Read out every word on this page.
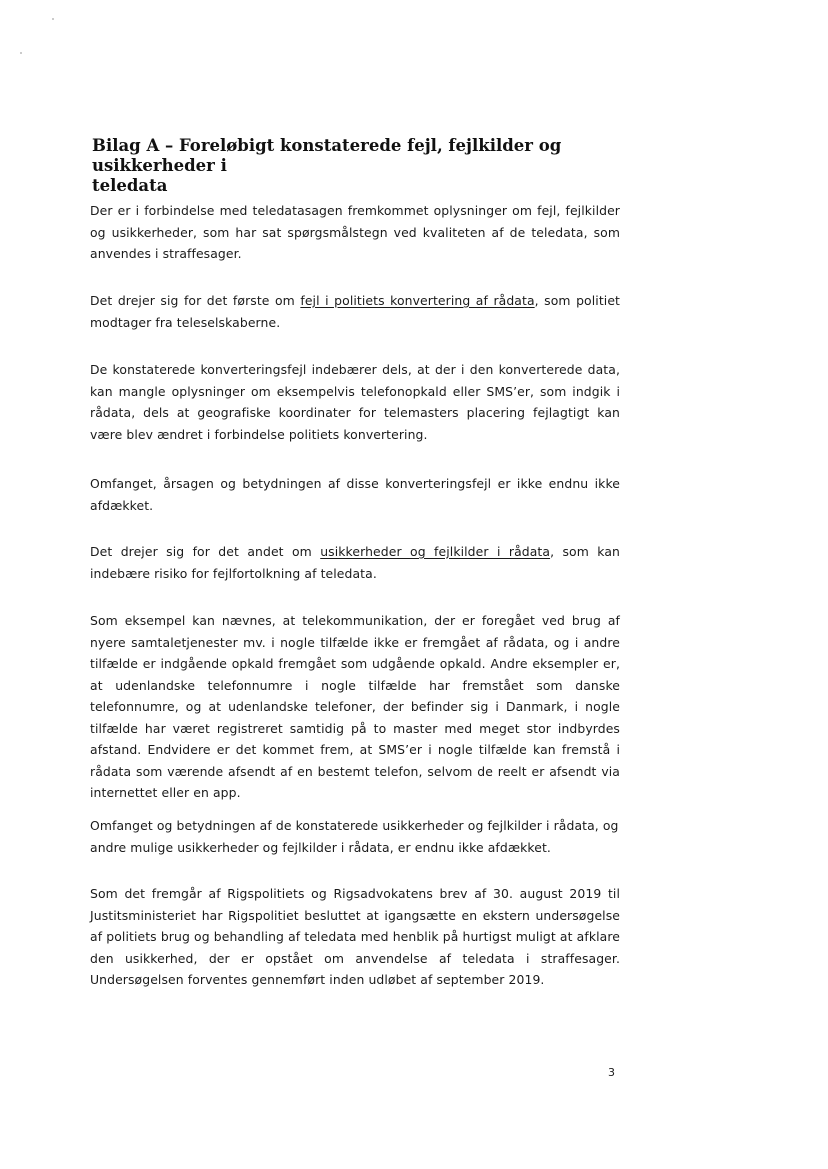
Bilag A – Foreløbigt konstaterede fejl, fejlkilder og usikkerheder i
teledata

Der er i forbindelse med teledatasagen fremkommet oplysninger om fejl, fejlkilder og usikkerheder, som har sat spørgsmålstegn ved kvaliteten af de teledata, som anvendes i straffesager.

Det drejer sig for det første om fejl i politiets konvertering af rådata, som politiet modtager fra teleselskaberne.

De konstaterede konverteringsfejl indebærer dels, at der i den konverterede data, kan mangle oplysninger om eksempelvis telefonopkald eller SMS’er, som indgik i rådata, dels at geografiske koordinater for telemasters placering fejlagtigt kan være blev ændret i forbindelse politiets konvertering.

Omfanget, årsagen og betydningen af disse konverteringsfejl er ikke endnu ikke afdækket.

Det drejer sig for det andet om usikkerheder og fejlkilder i rådata, som kan indebære risiko for fejlfortolkning af teledata.

Som eksempel kan nævnes, at telekommunikation, der er foregået ved brug af nyere samtaletjenester mv. i nogle tilfælde ikke er fremgået af rådata, og i andre tilfælde er indgående opkald fremgået som udgående opkald. Andre eksempler er, at udenlandske telefonnumre i nogle tilfælde har fremstået som danske telefonnumre, og at udenlandske telefoner, der befinder sig i Danmark, i nogle tilfælde har været registreret samtidig på to master med meget stor indbyrdes afstand. Endvidere er det kommet frem, at SMS’er i nogle tilfælde kan fremstå i rådata som værende afsendt af en bestemt telefon, selvom de reelt er afsendt via internettet eller en app.

Omfanget og betydningen af de konstaterede usikkerheder og fejlkilder i rådata, og andre mulige usikkerheder og fejlkilder i rådata, er endnu ikke afdækket.

Som det fremgår af Rigspolitiets og Rigsadvokatens brev af 30. august 2019 til Justitsministeriet har Rigspolitiet besluttet at igangsætte en ekstern undersøgelse af politiets brug og behandling af teledata med henblik på hurtigst muligt at afklare den usikkerhed, der er opstået om anvendelse af teledata i straffesager. Undersøgelsen forventes gennemført inden udløbet af september 2019.

3
